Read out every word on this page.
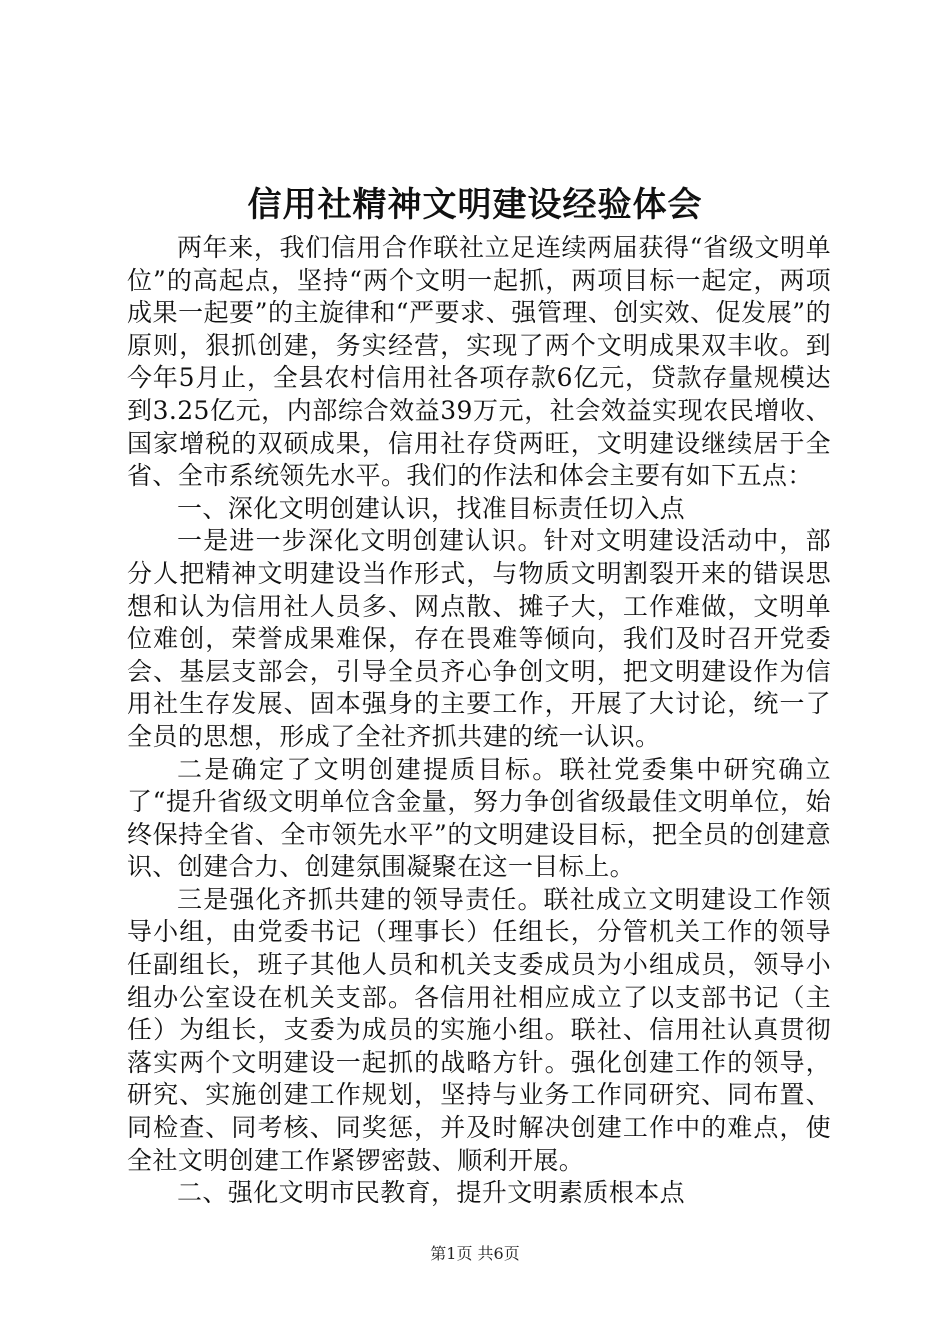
信用社精神文明建设经验体会

两年来，我们信用合作联社立足连续两届获得“省级文明单位”的高起点，坚持“两个文明一起抓，两项目标一起定，两项成果一起要”的主旋律和“严要求、强管理、创实效、促发展”的原则，狠抓创建，务实经营，实现了两个文明成果双丰收。到今年5月止，全县农村信用社各项存款6亿元，贷款存量规模达到3.25亿元，内部综合效益39万元，社会效益实现农民增收、国家增税的双硕成果，信用社存贷两旺，文明建设继续居于全省、全市系统领先水平。我们的作法和体会主要有如下五点：

一、深化文明创建认识，找准目标责任切入点

一是进一步深化文明创建认识。针对文明建设活动中，部分人把精神文明建设当作形式，与物质文明割裂开来的错误思想和认为信用社人员多、网点散、摊子大，工作难做，文明单位难创，荣誉成果难保，存在畏难等倾向，我们及时召开党委会、基层支部会，引导全员齐心争创文明，把文明建设作为信用社生存发展、固本强身的主要工作，开展了大讨论，统一了全员的思想，形成了全社齐抓共建的统一认识。

二是确定了文明创建提质目标。联社党委集中研究确立了“提升省级文明单位含金量，努力争创省级最佳文明单位，始终保持全省、全市领先水平”的文明建设目标，把全员的创建意识、创建合力、创建氛围凝聚在这一目标上。

三是强化齐抓共建的领导责任。联社成立文明建设工作领导小组，由党委书记（理事长）任组长，分管机关工作的领导任副组长，班子其他人员和机关支委成员为小组成员，领导小组办公室设在机关支部。各信用社相应成立了以支部书记（主任）为组长，支委为成员的实施小组。联社、信用社认真贯彻落实两个文明建设一起抓的战略方针。强化创建工作的领导，研究、实施创建工作规划，坚持与业务工作同研究、同布置、同检查、同考核、同奖惩，并及时解决创建工作中的难点，使全社文明创建工作紧锣密鼓、顺利开展。

二、强化文明市民教育，提升文明素质根本点

第1页 共6页
